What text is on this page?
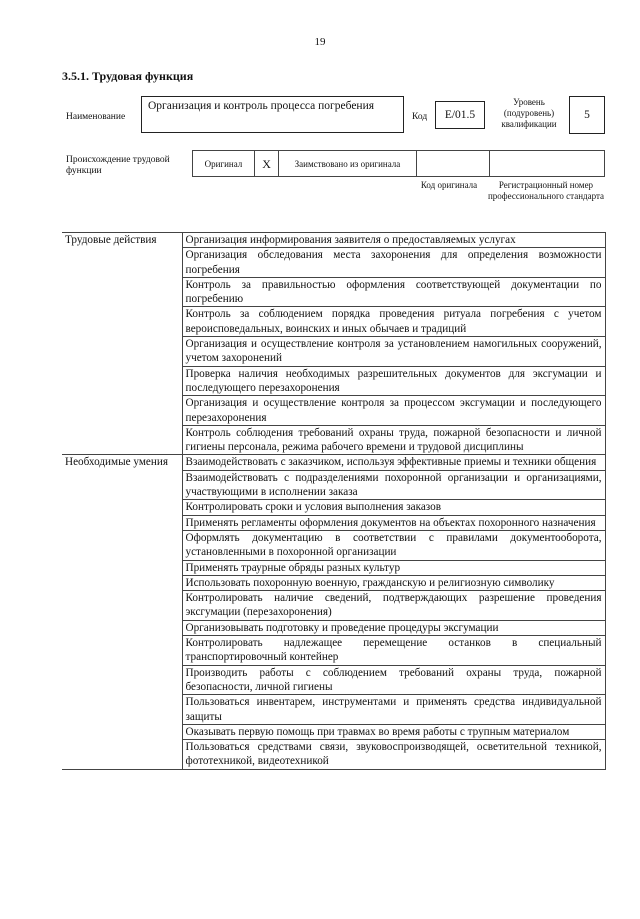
19
3.5.1. Трудовая функция
Наименование
Организация и контроль процесса погребения
Код	E/01.5
Уровень (подуровень) квалификации
5
Происхождение трудовой функции
Оригинал	X	Заимствовано из оригинала		
Код оригинала	Регистрационный номер профессионального стандарта
Трудовые действия	Организация информирования заявителя о предоставляемых услугах
	Организация обследования места захоронения для определения возможности погребения
	Контроль за правильностью оформления соответствующей документации по погребению
	Контроль за соблюдением порядка проведения ритуала погребения с учетом вероисповедальных, воинских и иных обычаев и традиций
	Организация и осуществление контроля за установлением намогильных сооружений, учетом захоронений
	Проверка наличия необходимых разрешительных документов для эксгумации и последующего перезахоронения
	Организация и осуществление контроля за процессом эксгумации и последующего перезахоронения
	Контроль соблюдения требований охраны труда, пожарной безопасности и личной гигиены персонала, режима рабочего времени и трудовой дисциплины
Необходимые умения	Взаимодействовать с заказчиком, используя эффективные приемы и техники общения
	Взаимодействовать с подразделениями похоронной организации и организациями, участвующими в исполнении заказа
	Контролировать сроки и условия выполнения заказов
	Применять регламенты оформления документов на объектах похоронного назначения
	Оформлять документацию в соответствии с правилами документооборота, установленными в похоронной организации
	Применять траурные обряды разных культур
	Использовать похоронную военную, гражданскую и религиозную символику
	Контролировать наличие сведений, подтверждающих разрешение проведения эксгумации (перезахоронения)
	Организовывать подготовку и проведение процедуры эксгумации
	Контролировать надлежащее перемещение останков в специальный транспортировочный контейнер
	Производить работы с соблюдением требований охраны труда, пожарной безопасности, личной гигиены
	Пользоваться инвентарем, инструментами и применять средства индивидуальной защиты
	Оказывать первую помощь при травмах во время работы с трупным материалом
	Пользоваться средствами связи, звуковоспроизводящей, осветительной техникой, фототехникой, видеотехникой
